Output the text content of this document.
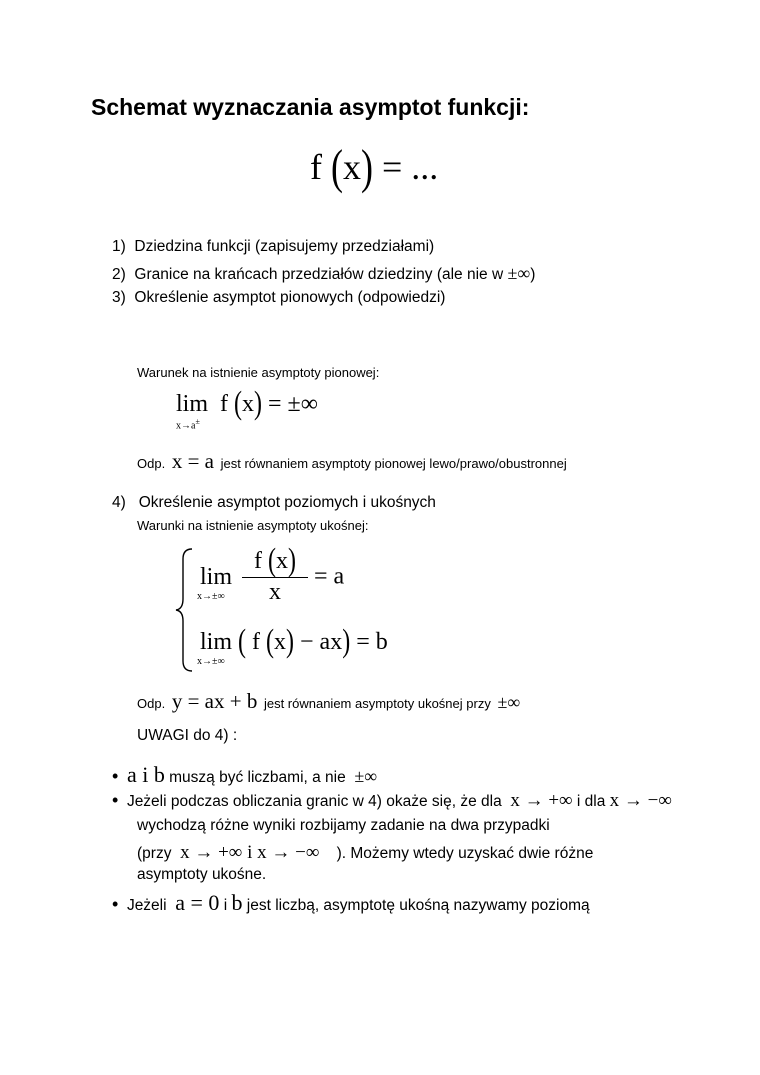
Schemat wyznaczania asymptot funkcji:
f (x) = ...
1) Dziedzina funkcji (zapisujemy przedziałami)
2) Granice na krańcach przedziałów dziedziny (ale nie w ±∞)
3) Określenie asymptot pionowych (odpowiedzi)
Warunek na istnienie asymptoty pionowej:
lim
x→a±
f (x) = ±∞
Odp. x = a jest równaniem asymptoty pionowej lewo/prawo/obustronnej
4) Określenie asymptot poziomych i ukośnych
Warunki na istnienie asymptoty ukośnej:
lim
x→±∞
$\frac{f (x)}{x} = a$
lim
x→±∞
( f (x) − ax) = b
Odp. y = ax + b jest równaniem asymptoty ukośnej przy ±∞
UWAGI do 4) :
• a i b muszą być liczbami, a nie ±∞
• Jeżeli podczas obliczania granic w 4) okaże się, że dla x → +∞ i dla x → −∞
wychodzą różne wyniki rozbijamy zadanie na dwa przypadki
(przy x → +∞ i x → −∞ ). Możemy wtedy uzyskać dwie różne
asymptoty ukośne.
• Jeżeli a = 0 i b jest liczbą, asymptotę ukośną nazywamy poziomą
